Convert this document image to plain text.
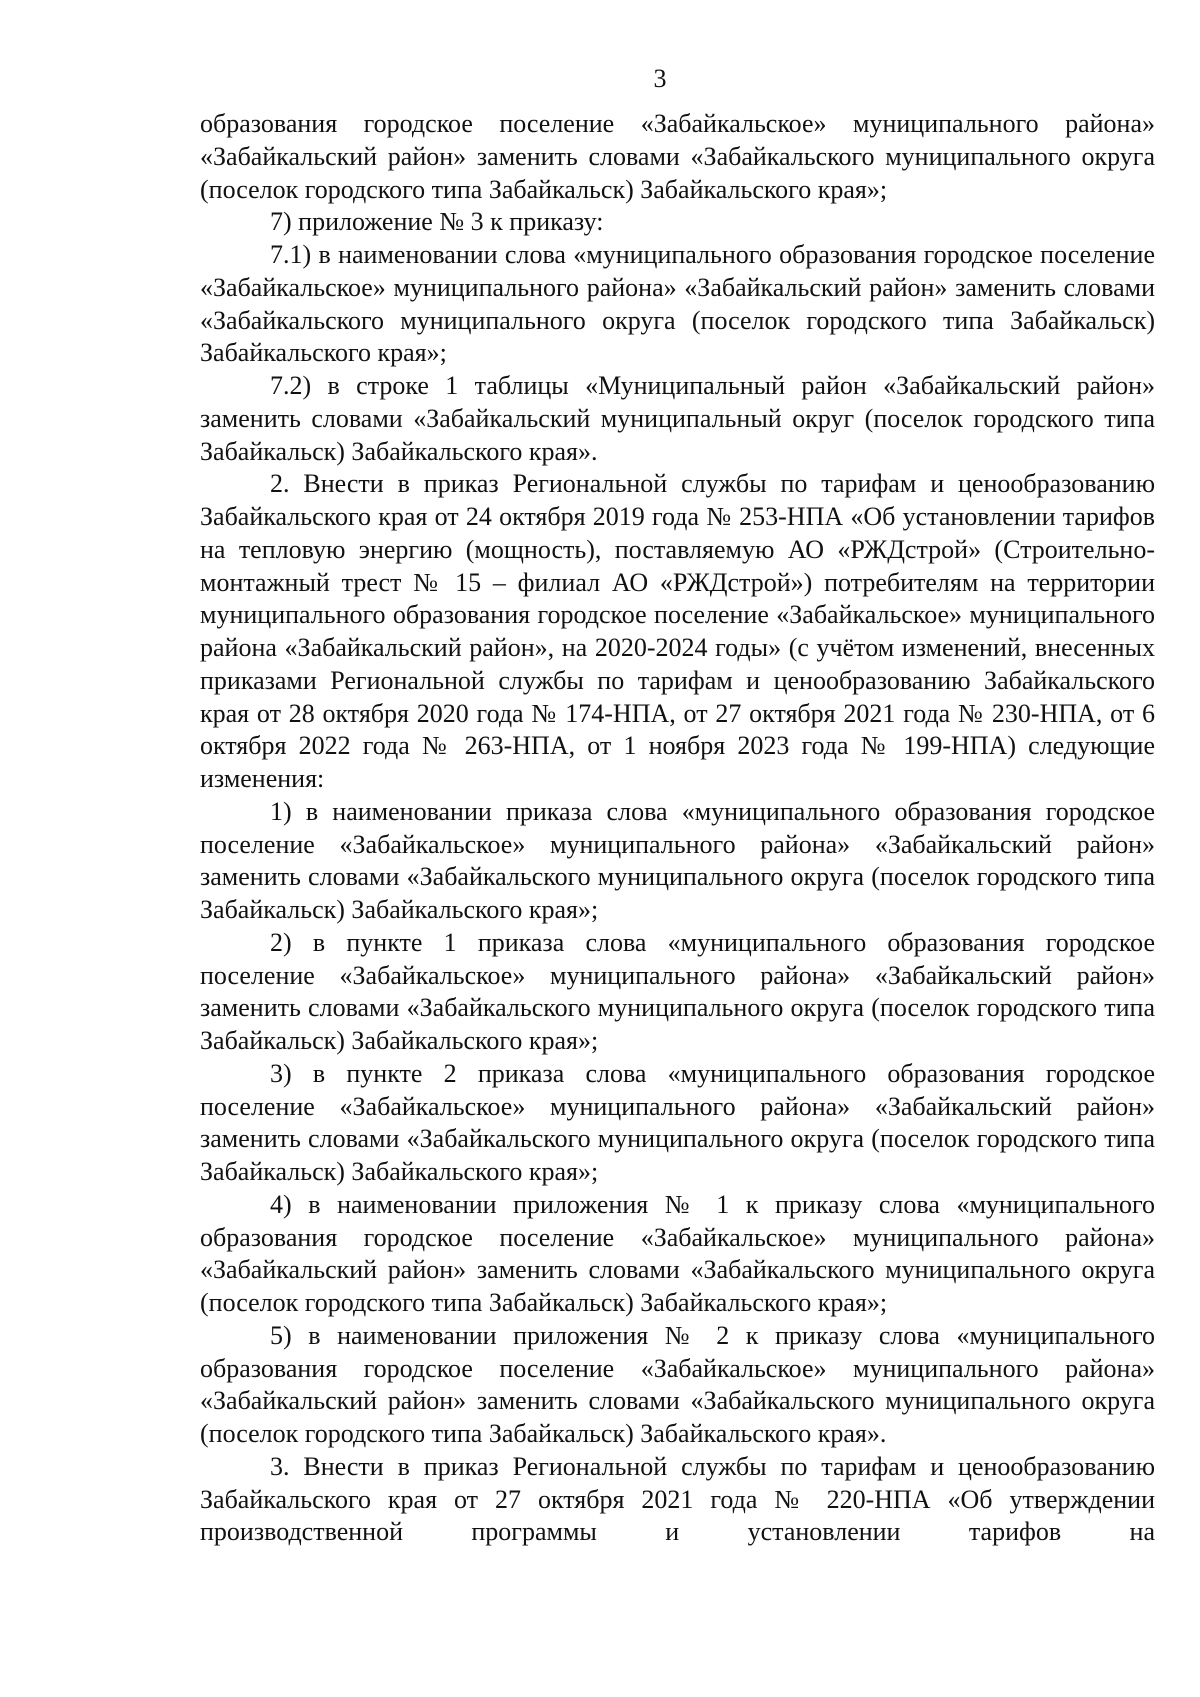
3

образования городское поселение «Забайкальское» муниципального района» «Забайкальский район» заменить словами «Забайкальского муниципального округа (поселок городского типа Забайкальск) Забайкальского края»;

7) приложение № 3 к приказу:

7.1) в наименовании слова «муниципального образования городское поселение «Забайкальское» муниципального района» «Забайкальский район» заменить словами «Забайкальского муниципального округа (поселок городского типа Забайкальск) Забайкальского края»;

7.2) в строке 1 таблицы «Муниципальный район «Забайкальский район» заменить словами «Забайкальский муниципальный округ (поселок городского типа Забайкальск) Забайкальского края».

2. Внести в приказ Региональной службы по тарифам и ценообразованию Забайкальского края от 24 октября 2019 года № 253-НПА «Об установлении тарифов на тепловую энергию (мощность), поставляемую АО «РЖДстрой» (Строительно-монтажный трест № 15 – филиал АО «РЖДстрой») потребителям на территории муниципального образования городское поселение «Забайкальское» муниципального района «Забайкальский район», на 2020-2024 годы» (с учётом изменений, внесенных приказами Региональной службы по тарифам и ценообразованию Забайкальского края от 28 октября 2020 года № 174-НПА, от 27 октября 2021 года № 230-НПА, от 6 октября 2022 года № 263-НПА, от 1 ноября 2023 года № 199-НПА) следующие изменения:

1) в наименовании приказа слова «муниципального образования городское поселение «Забайкальское» муниципального района» «Забайкальский район» заменить словами «Забайкальского муниципального округа (поселок городского типа Забайкальск) Забайкальского края»;

2) в пункте 1 приказа слова «муниципального образования городское поселение «Забайкальское» муниципального района» «Забайкальский район» заменить словами «Забайкальского муниципального округа (поселок городского типа Забайкальск) Забайкальского края»;

3) в пункте 2 приказа слова «муниципального образования городское поселение «Забайкальское» муниципального района» «Забайкальский район» заменить словами «Забайкальского муниципального округа (поселок городского типа Забайкальск) Забайкальского края»;

4) в наименовании приложения № 1 к приказу слова «муниципального образования городское поселение «Забайкальское» муниципального района» «Забайкальский район» заменить словами «Забайкальского муниципального округа (поселок городского типа Забайкальск) Забайкальского края»;

5) в наименовании приложения № 2 к приказу слова «муниципального образования городское поселение «Забайкальское» муниципального района» «Забайкальский район» заменить словами «Забайкальского муниципального округа (поселок городского типа Забайкальск) Забайкальского края».

3. Внести в приказ Региональной службы по тарифам и ценообразованию Забайкальского края от 27 октября 2021 года № 220-НПА «Об утверждении производственной программы и установлении тарифов на
